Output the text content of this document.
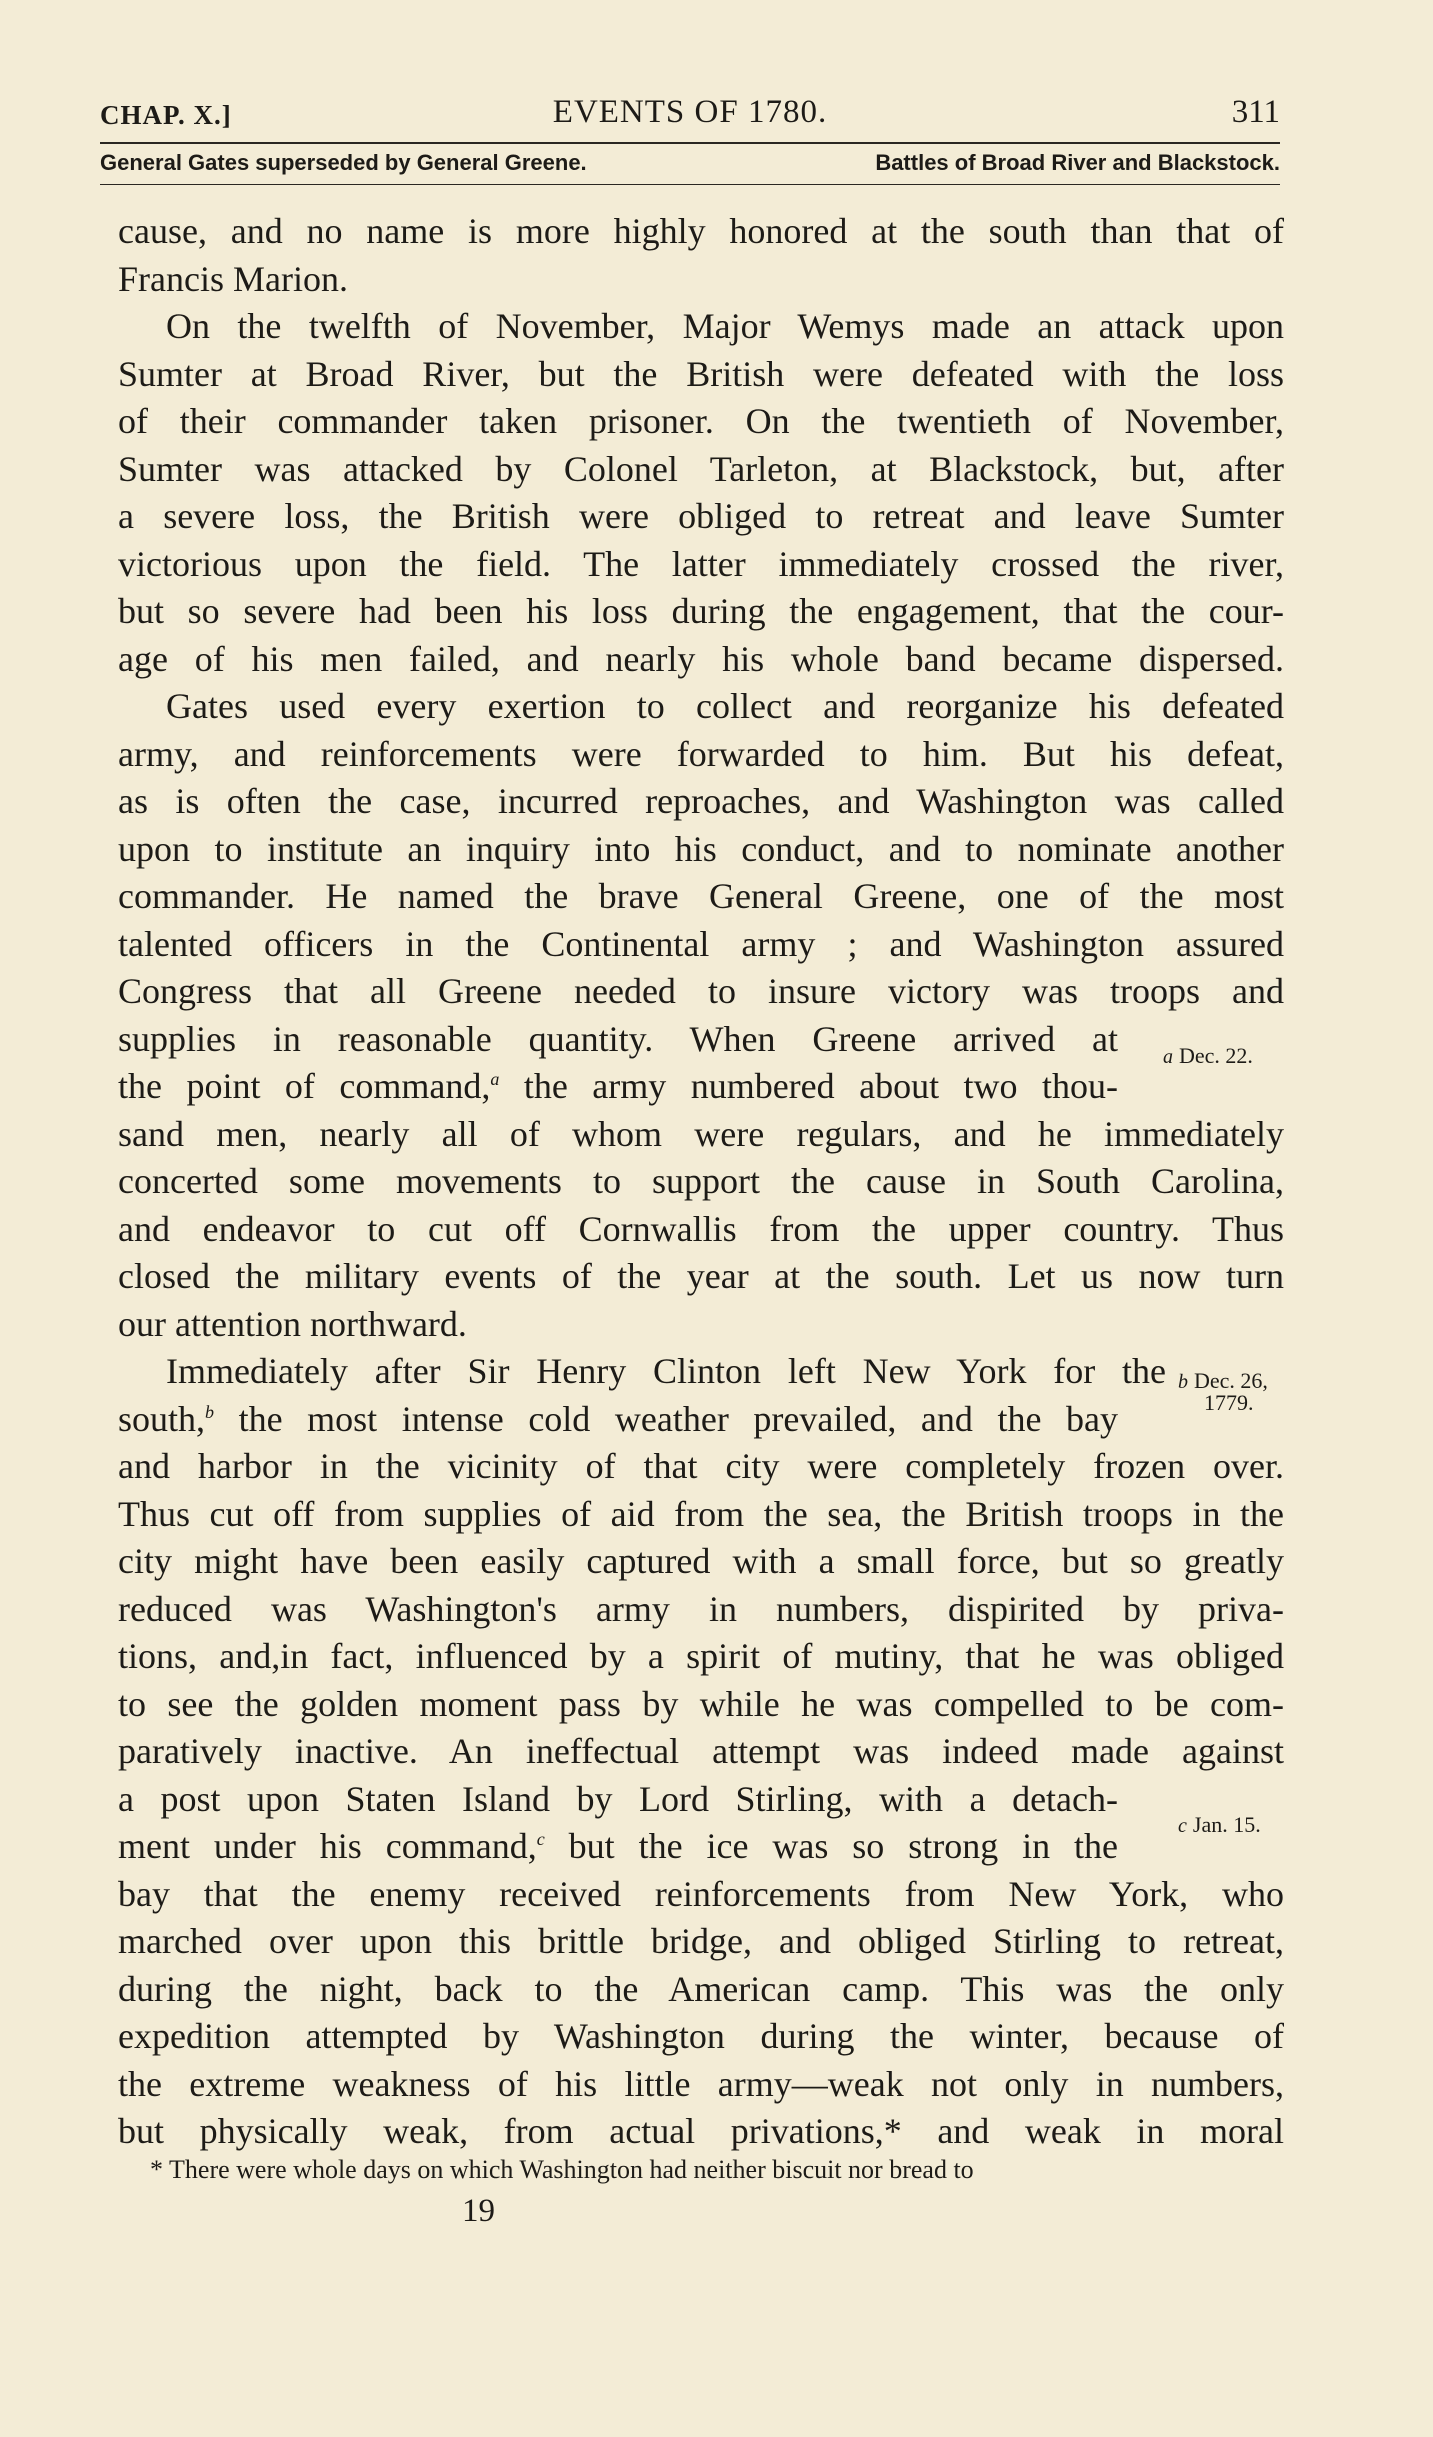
CHAP. X.]	EVENTS OF 1780.	311
General Gates superseded by General Greene.	Battles of Broad River and Blackstock.
cause, and no name is more highly honored at the south than that of
Francis Marion.
On the twelfth of November, Major Wemys made an attack upon
Sumter at Broad River, but the British were defeated with the loss
of their commander taken prisoner. On the twentieth of November,
Sumter was attacked by Colonel Tarleton, at Blackstock, but, after
a severe loss, the British were obliged to retreat and leave Sumter
victorious upon the field. The latter immediately crossed the river,
but so severe had been his loss during the engagement, that the cour-
age of his men failed, and nearly his whole band became dispersed.
Gates used every exertion to collect and reorganize his defeated
army, and reinforcements were forwarded to him. But his defeat,
as is often the case, incurred reproaches, and Washington was called
upon to institute an inquiry into his conduct, and to nominate another
commander. He named the brave General Greene, one of the most
talented officers in the Continental army ; and Washington assured
Congress that all Greene needed to insure victory was troops and
supplies in reasonable quantity. When Greene arrived at
the point of command,$^a$ the army numbered about two thou-
sand men, nearly all of whom were regulars, and he immediately
concerted some movements to support the cause in South Carolina,
and endeavor to cut off Cornwallis from the upper country. Thus
closed the military events of the year at the south. Let us now turn
our attention northward.
Immediately after Sir Henry Clinton left New York for the
south,$^b$ the most intense cold weather prevailed, and the bay
and harbor in the vicinity of that city were completely frozen over.
Thus cut off from supplies of aid from the sea, the British troops in the
city might have been easily captured with a small force, but so greatly
reduced was Washington's army in numbers, dispirited by priva-
tions, and,in fact, influenced by a spirit of mutiny, that he was obliged
to see the golden moment pass by while he was compelled to be com-
paratively inactive. An ineffectual attempt was indeed made against
a post upon Staten Island by Lord Stirling, with a detach-
ment under his command,$^c$ but the ice was so strong in the
bay that the enemy received reinforcements from New York, who
marched over upon this brittle bridge, and obliged Stirling to retreat,
during the night, back to the American camp. This was the only
expedition attempted by Washington during the winter, because of
the extreme weakness of his little army—weak not only in numbers,
but physically weak, from actual privations,* and weak in moral
a Dec. 22.
b Dec. 26,
1779.
c Jan. 15.
* There were whole days on which Washington had neither biscuit nor bread to
19
